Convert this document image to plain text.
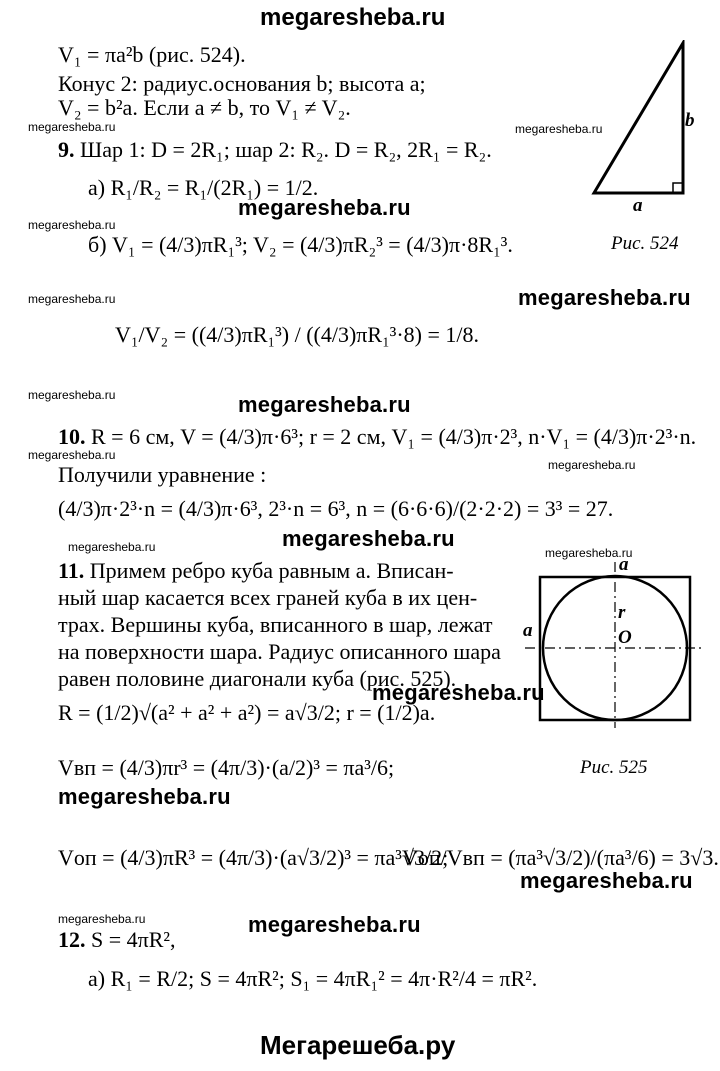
megaresheba.ru
V₁ = πa²b (рис. 524).
Конус 2: радиус.основания b; высота a;
V₂ = b²a. Если a ≠ b, то V₁ ≠ V₂.
megaresheba.ru
9. Шар 1: D = 2R₁; шар 2: R₂. D = R₂, 2R₁ = R₂.
а) R₁/R₂ = R₁/(2R₁) = 1/2.
megaresheba.ru
megaresheba.ru
б) V₁ = (4/3)πR₁³; V₂ = (4/3)πR₂³ = (4/3)π·8R₁³.
megaresheba.ru	megaresheba.ru
V₁/V₂ = ((4/3)πR₁³) / ((4/3)πR₁³·8) = 1/8.
megaresheba.ru	megaresheba.ru
10. R = 6 см, V = (4/3)π·6³; r = 2 см, V₁ = (4/3)π·2³, n·V₁ = (4/3)π·2³·n.
megaresheba.ru
megaresheba.ru
Получили уравнение :
(4/3)π·2³·n = (4/3)π·6³, 2³·n = 6³, n = (6·6·6)/(2·2·2) = 3³ = 27.
megaresheba.ru
megaresheba.ru	megaresheba.ru
11. Примем ребро куба равным a. Вписан-
ный шар касается всех граней куба в их цен-
трах. Вершины куба, вписанного в шар, лежат
на поверхности шара. Радиус описанного шара
равен половине диагонали куба (рис. 525).
megaresheba.ru
R = (1/2)√(a² + a² + a²) = a√3/2; r = (1/2)a.
Vвп = (4/3)πr³ = (4π/3)·(a/2)³ = πa³/6;
megaresheba.ru
Vоп = (4/3)πR³ = (4π/3)·(a√3/2)³ = πa³√3/2;
Vоп/Vвп = (πa³√3/2)/(πa³/6) = 3√3.
megaresheba.ru
megaresheba.ru	megaresheba.ru
12. S = 4πR²,
а) R₁ = R/2; S = 4πR²; S₁ = 4πR₁² = 4π·R²/4 = πR².
Мегарешеба.ру
b
a
megaresheba.ru
Рис. 524
a
a
r
O
Рис. 525
